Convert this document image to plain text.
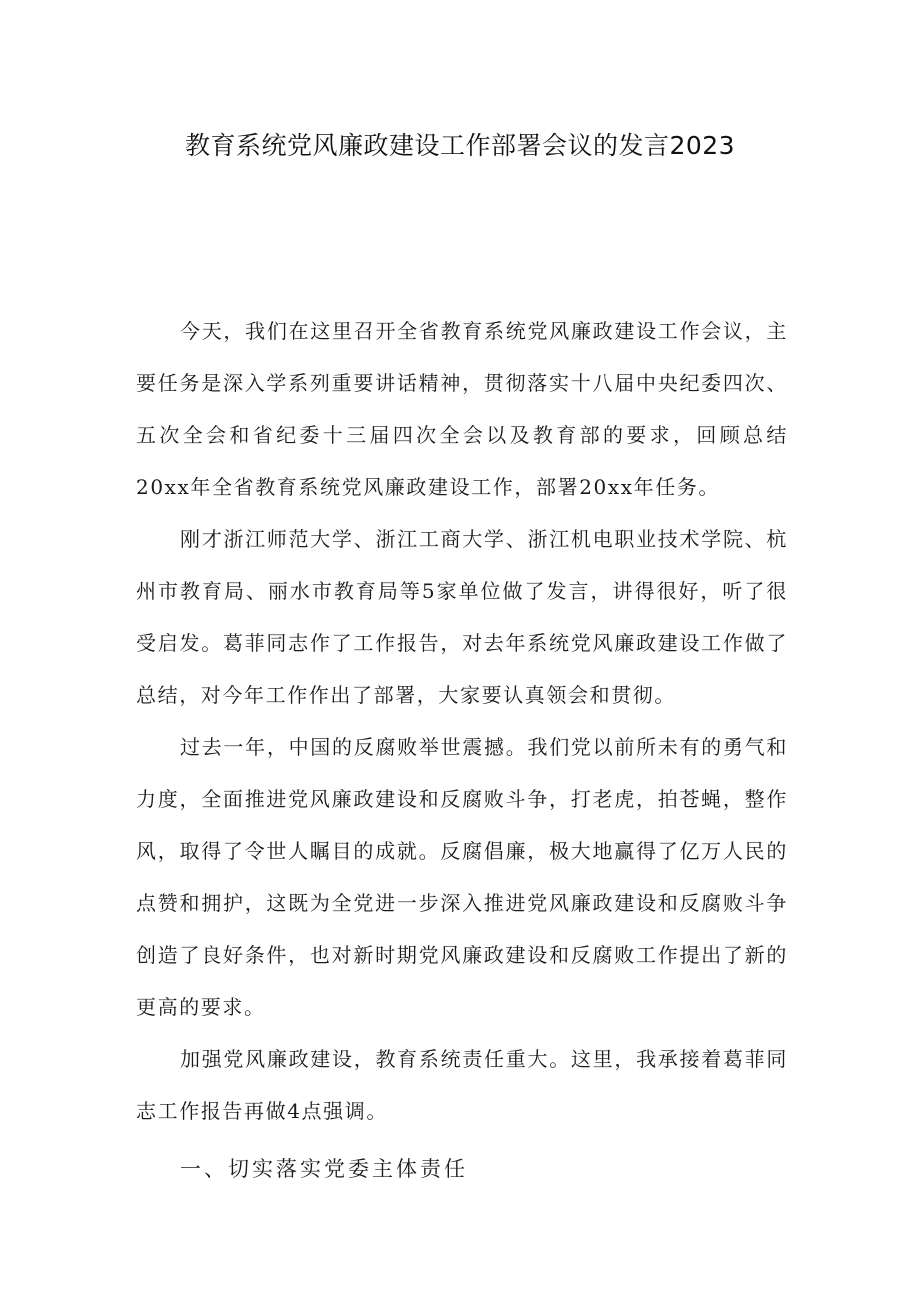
教育系统党风廉政建设工作部署会议的发言2023

今天，我们在这里召开全省教育系统党风廉政建设工作会议，主要任务是深入学系列重要讲话精神，贯彻落实十八届中央纪委四次、五次全会和省纪委十三届四次全会以及教育部的要求，回顾总结20xx年全省教育系统党风廉政建设工作，部署20xx年任务。

刚才浙江师范大学、浙江工商大学、浙江机电职业技术学院、杭州市教育局、丽水市教育局等5家单位做了发言，讲得很好，听了很受启发。葛菲同志作了工作报告，对去年系统党风廉政建设工作做了总结，对今年工作作出了部署，大家要认真领会和贯彻。

过去一年，中国的反腐败举世震撼。我们党以前所未有的勇气和力度，全面推进党风廉政建设和反腐败斗争，打老虎，拍苍蝇，整作风，取得了令世人瞩目的成就。反腐倡廉，极大地赢得了亿万人民的点赞和拥护，这既为全党进一步深入推进党风廉政建设和反腐败斗争创造了良好条件，也对新时期党风廉政建设和反腐败工作提出了新的更高的要求。

加强党风廉政建设，教育系统责任重大。这里，我承接着葛菲同志工作报告再做4点强调。

一、切实落实党委主体责任
